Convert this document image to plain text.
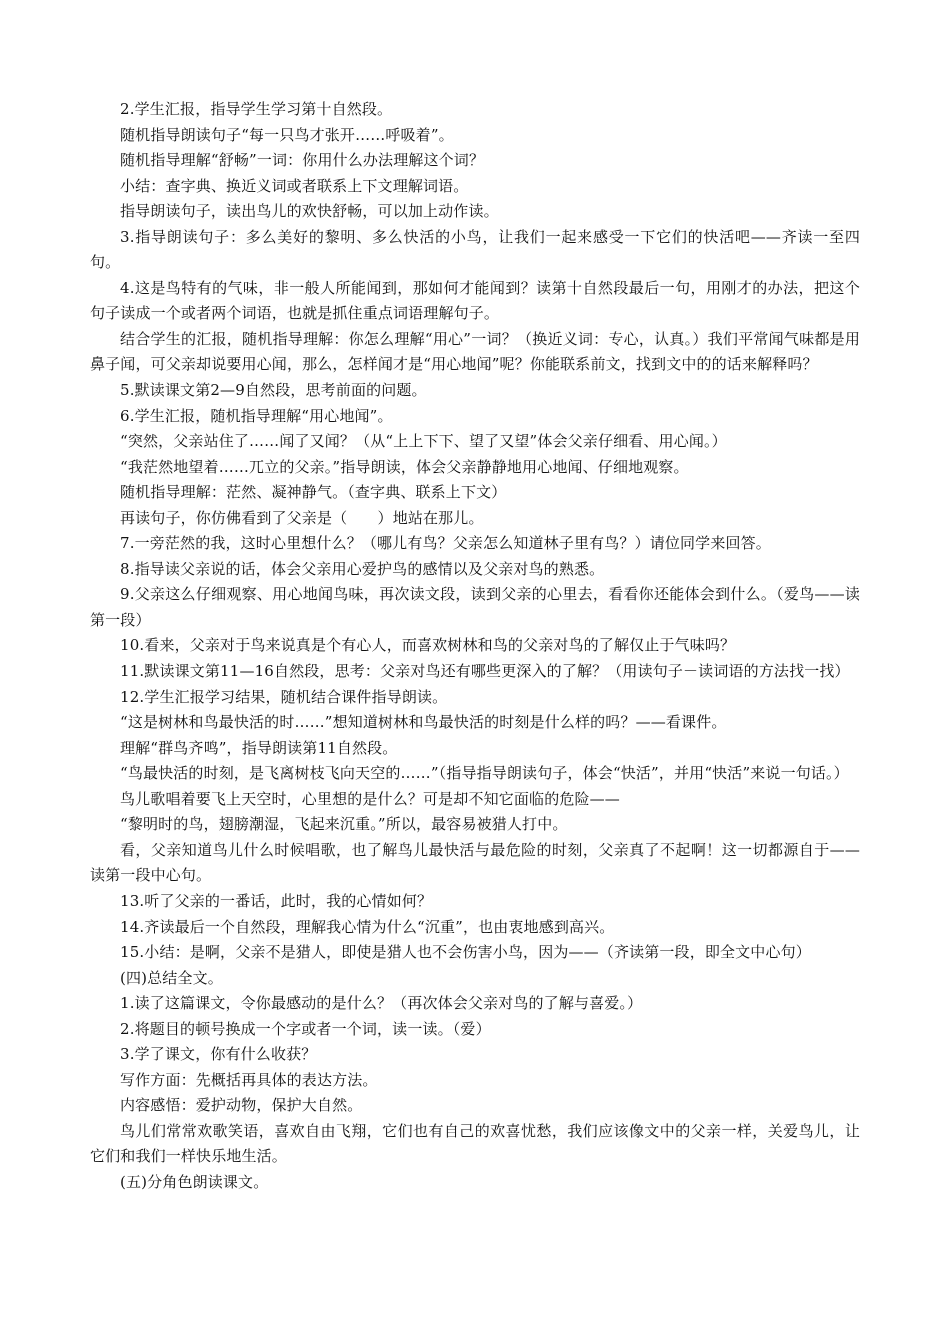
2.学生汇报，指导学生学习第十自然段。

随机指导朗读句子“每一只鸟才张开……呼吸着”。

随机指导理解“舒畅”一词：你用什么办法理解这个词？

小结：查字典、换近义词或者联系上下文理解词语。

指导朗读句子，读出鸟儿的欢快舒畅，可以加上动作读。

3.指导朗读句子：多么美好的黎明、多么快活的小鸟，让我们一起来感受一下它们的快活吧——齐读一至四句。

4.这是鸟特有的气味，非一般人所能闻到，那如何才能闻到？读第十自然段最后一句，用刚才的办法，把这个句子读成一个或者两个词语，也就是抓住重点词语理解句子。

结合学生的汇报，随机指导理解：你怎么理解“用心”一词？（换近义词：专心，认真。）我们平常闻气味都是用鼻子闻，可父亲却说要用心闻，那么，怎样闻才是“用心地闻”呢？你能联系前文，找到文中的的话来解释吗？

5.默读课文第2—9自然段，思考前面的问题。

6.学生汇报，随机指导理解“用心地闻”。

“突然，父亲站住了……闻了又闻？（从“上上下下、望了又望”体会父亲仔细看、用心闻。）

“我茫然地望着……兀立的父亲。”指导朗读，体会父亲静静地用心地闻、仔细地观察。

随机指导理解：茫然、凝神静气。（查字典、联系上下文）

再读句子，你仿佛看到了父亲是（　　）地站在那儿。

7.一旁茫然的我，这时心里想什么？（哪儿有鸟？父亲怎么知道林子里有鸟？）请位同学来回答。

8.指导读父亲说的话，体会父亲用心爱护鸟的感情以及父亲对鸟的熟悉。

9.父亲这么仔细观察、用心地闻鸟味，再次读文段，读到父亲的心里去，看看你还能体会到什么。（爱鸟——读第一段）

10.看来，父亲对于鸟来说真是个有心人，而喜欢树林和鸟的父亲对鸟的了解仅止于气味吗？

11.默读课文第11—16自然段，思考：父亲对鸟还有哪些更深入的了解？（用读句子－读词语的方法找一找）

12.学生汇报学习结果，随机结合课件指导朗读。

“这是树林和鸟最快活的时……”想知道树林和鸟最快活的时刻是什么样的吗？——看课件。

理解“群鸟齐鸣”，指导朗读第11自然段。

“鸟最快活的时刻，是飞离树枝飞向天空的……”（指导指导朗读句子，体会“快活”，并用“快活”来说一句话。）

鸟儿歌唱着要飞上天空时，心里想的是什么？可是却不知它面临的危险——

“黎明时的鸟，翅膀潮湿，飞起来沉重。”所以，最容易被猎人打中。

看，父亲知道鸟儿什么时候唱歌，也了解鸟儿最快活与最危险的时刻，父亲真了不起啊！这一切都源自于——读第一段中心句。

13.听了父亲的一番话，此时，我的心情如何？

14.齐读最后一个自然段，理解我心情为什么“沉重”，也由衷地感到高兴。

15.小结：是啊，父亲不是猎人，即使是猎人也不会伤害小鸟，因为——（齐读第一段，即全文中心句）

(四)总结全文。

1.读了这篇课文，令你最感动的是什么？（再次体会父亲对鸟的了解与喜爱。）

2.将题目的顿号换成一个字或者一个词，读一读。（爱）

3.学了课文，你有什么收获？

写作方面：先概括再具体的表达方法。

内容感悟：爱护动物，保护大自然。

鸟儿们常常欢歌笑语，喜欢自由飞翔，它们也有自己的欢喜忧愁，我们应该像文中的父亲一样，关爱鸟儿，让它们和我们一样快乐地生活。

(五)分角色朗读课文。
